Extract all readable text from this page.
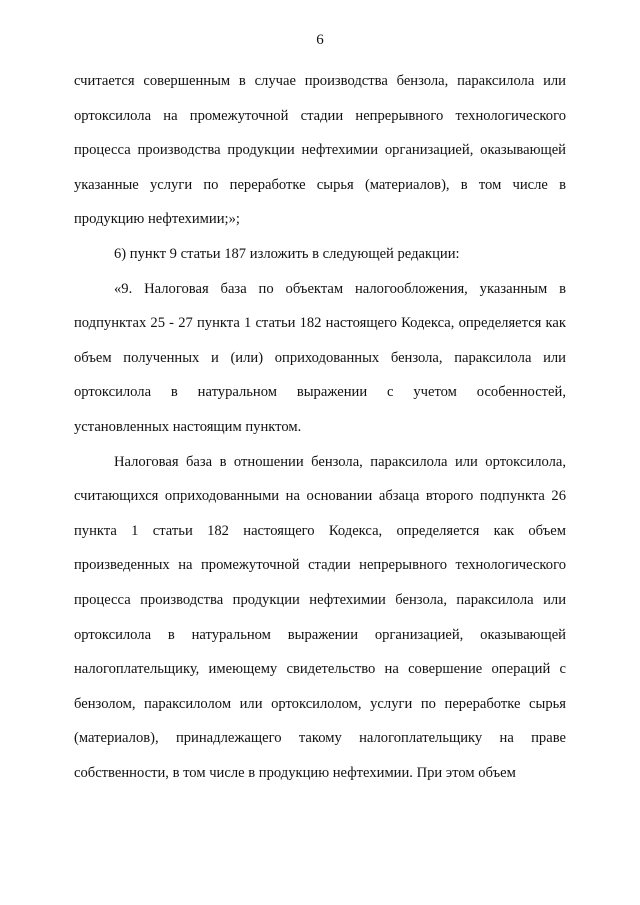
6

считается совершенным в случае производства бензола, параксилола или ортоксилола на промежуточной стадии непрерывного технологического процесса производства продукции нефтехимии организацией, оказывающей указанные услуги по переработке сырья (материалов), в том числе в продукцию нефтехимии;»;

6) пункт 9 статьи 187 изложить в следующей редакции:

«9. Налоговая база по объектам налогообложения, указанным в подпунктах 25 - 27 пункта 1 статьи 182 настоящего Кодекса, определяется как объем полученных и (или) оприходованных бензола, параксилола или ортоксилола в натуральном выражении с учетом особенностей, установленных настоящим пунктом.

Налоговая база в отношении бензола, параксилола или ортоксилола, считающихся оприходованными на основании абзаца второго подпункта 26 пункта 1 статьи 182 настоящего Кодекса, определяется как объем произведенных на промежуточной стадии непрерывного технологического процесса производства продукции нефтехимии бензола, параксилола или ортоксилола в натуральном выражении организацией, оказывающей налогоплательщику, имеющему свидетельство на совершение операций с бензолом, параксилолом или ортоксилолом, услуги по переработке сырья (материалов), принадлежащего такому налогоплательщику на праве собственности, в том числе в продукцию нефтехимии. При этом объем
